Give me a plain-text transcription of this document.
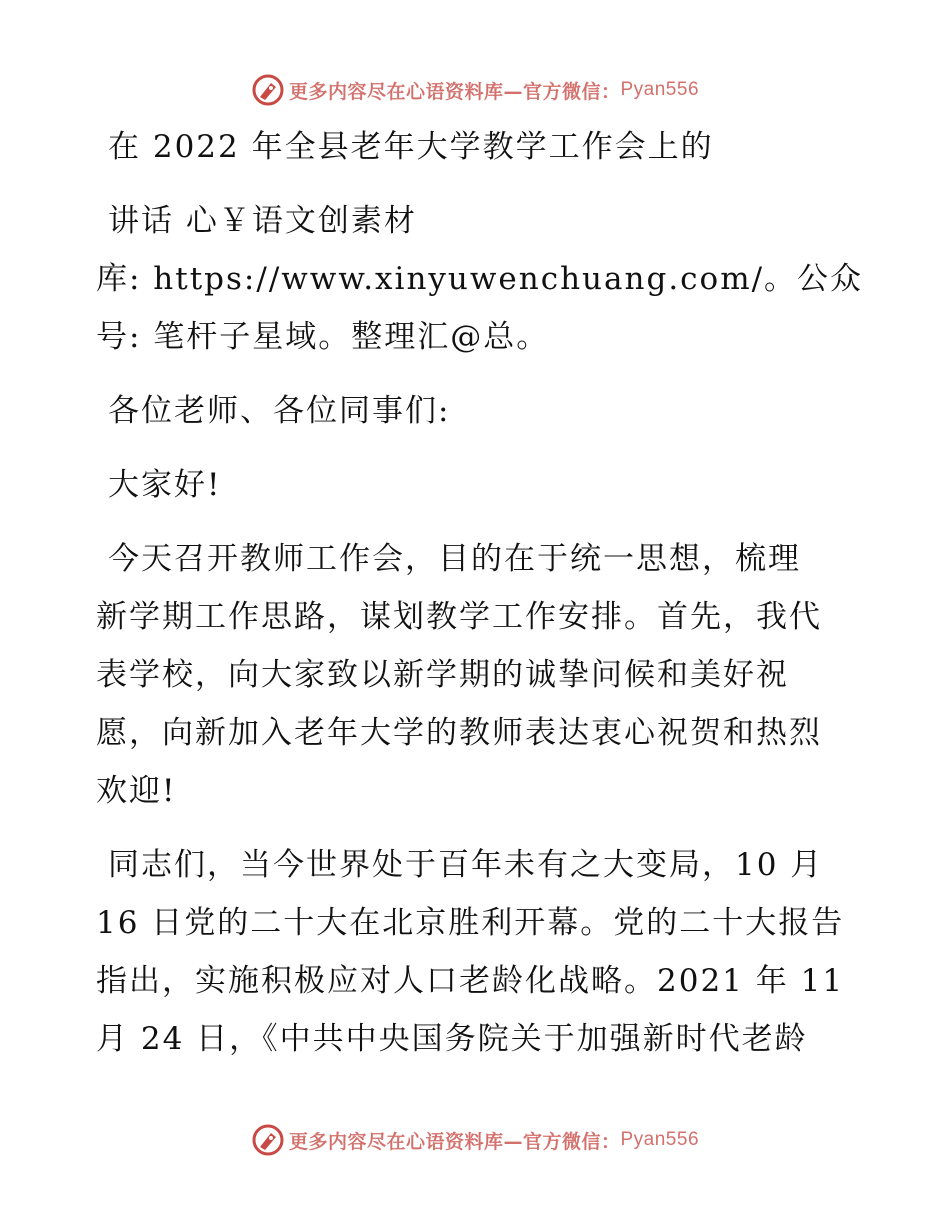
更多内容尽在心语资料库—官方微信： Pyan556
在 2022 年全县老年大学教学工作会上的
讲话 心￥语文创素材
库: https://www.xinyuwenchuang.com/。公众
号: 笔杆子星域。整理汇@总。
各位老师、各位同事们:
大家好!
今天召开教师工作会，目的在于统一思想，梳理
新学期工作思路，谋划教学工作安排。首先，我代
表学校，向大家致以新学期的诚挚问候和美好祝
愿，向新加入老年大学的教师表达衷心祝贺和热烈
欢迎!
同志们，当今世界处于百年未有之大变局，10 月
16 日党的二十大在北京胜利开幕。党的二十大报告
指出，实施积极应对人口老龄化战略。2021 年 11
月 24 日，《中共中央国务院关于加强新时代老龄
更多内容尽在心语资料库—官方微信： Pyan556
